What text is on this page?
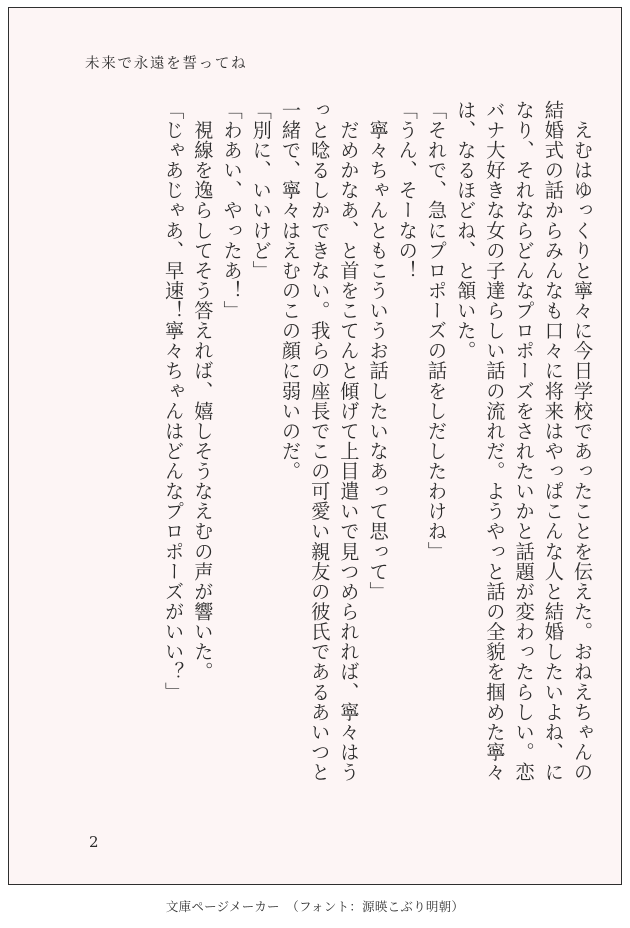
未来で永遠を誓ってね

　えむはゆっくりと寧々に今日学校であったことを伝えた。おねえちゃんの結婚式の話からみんなも口々に将来はやっぱこんな人と結婚したいよね、になり、それならどんなプロポーズをされたいかと話題が変わったらしい。恋バナ大好きな女の子達らしい話の流れだ。ようやっと話の全貌を掴めた寧々は、なるほどね、と頷いた。

「それで、急にプロポーズの話をしだしたわけね」

「うん、そーなの！

　寧々ちゃんともこういうお話したいなあって思って」

　だめかなあ、と首をこてんと傾げて上目遣いで見つめられれば、寧々はうっと唸るしかできない。我らの座長でこの可愛い親友の彼氏であるあいつと一緒で、寧々はえむのこの顔に弱いのだ。

「別に、いいけど」

「わあい、やったあ！」

　視線を逸らしてそう答えれば、嬉しそうなえむの声が響いた。

「じゃあじゃあ、早速！寧々ちゃんはどんなプロポーズがいい？」

2
文庫ページメーカー　（フォント：源暎こぶり明朝）
